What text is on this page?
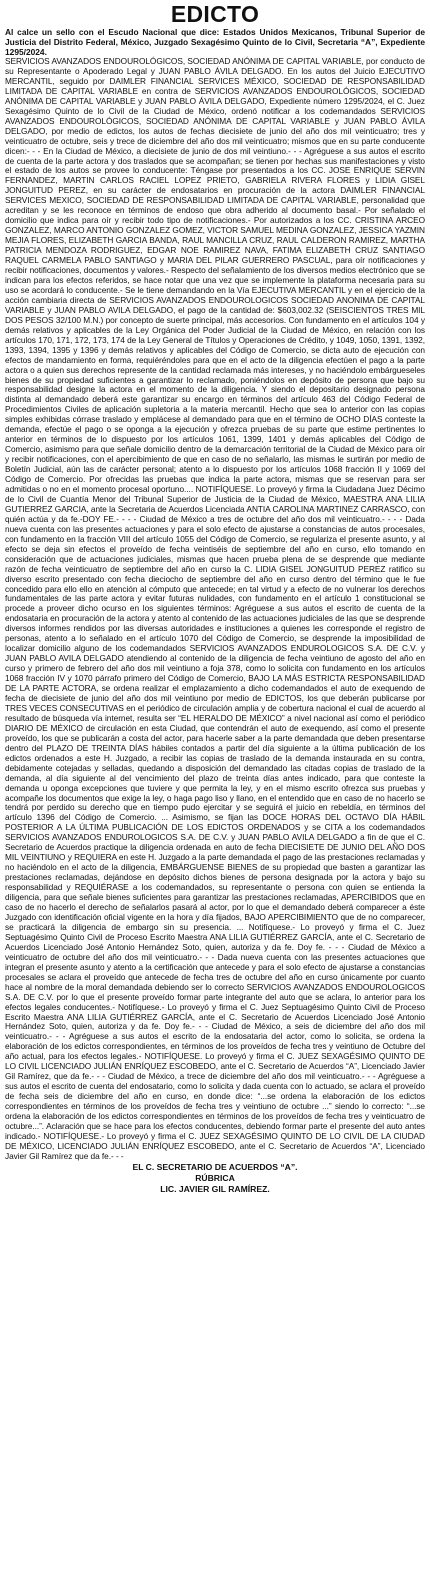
EDICTO

Al calce un sello con el Escudo Nacional que dice: Estados Unidos Mexicanos, Tribunal Superior de Justicia del Distrito Federal, México, Juzgado Sexagésimo Quinto de lo Civil, Secretaria “A”, Expediente 1295/2024.

SERVICIOS AVANZADOS ENDOUROLÓGICOS, SOCIEDAD ANÓNIMA DE CAPITAL VARIABLE, por conducto de su Representante o Apoderado Legal y JUAN PABLO ÁVILA DELGADO. En los autos del Juicio EJECUTIVO MERCANTIL, seguido por DAIMLER FINANCIAL SERVICES MÉXICO, SOCIEDAD DE RESPONSABILIDAD LIMITADA DE CAPITAL VARIABLE en contra de SERVICIOS AVANZADOS ENDOUROLÓGICOS, SOCIEDAD ANÓNIMA DE CAPITAL VARIABLE y JUAN PABLO ÁVILA DELGADO, Expediente número 1295/2024, el C. Juez Sexagésimo Quinto de lo Civil de la Ciudad de México, ordenó notificar a los codemandados SERVICIOS AVANZADOS ENDOUROLÓGICOS, SOCIEDAD ANÓNIMA DE CAPITAL VARIABLE y JUAN PABLO ÁVILA DELGADO, por medio de edictos, los autos de fechas diecisiete de junio del año dos mil veinticuatro; tres y veinticuatro de octubre, seis y trece de diciembre del año dos mil veinticuatro; mismos que en su parte conducente dicen:- - - En la Ciudad de México, a diecisiete de junio de dos mil veintiuno.- - - Agréguese a sus autos el escrito de cuenta de la parte actora y dos traslados que se acompañan; se tienen por hechas sus manifestaciones y visto el estado de los autos se provee lo conducente: Téngase por presentados a los CC. JOSE ENRIQUE SERVIN FERNANDEZ, MARTIN CARLOS RACIEL LOPEZ PRIETO, GABRIELA RIVERA FLORES y LIDIA GISEL JONGUITUD PEREZ, en su carácter de endosatarios en procuración de la actora DAIMLER FINANCIAL SERVICES MEXICO, SOCIEDAD DE RESPONSABILIDAD LIMITADA DE CAPITAL VARIABLE, personalidad que acreditan y se les reconoce en términos de endoso que obra adherido al documento basal.- Por señalado el domicilio que indica para oír y recibir todo tipo de notificaciones.- Por autorizados a los CC. CRISTINA ARCEO GONZALEZ, MARCO ANTONIO GONZALEZ GOMEZ, VICTOR SAMUEL MEDINA GONZALEZ, JESSICA YAZMIN MEJIA FLORES, ELIZABETH GARCIA BANDA, RAUL MANCILLA CRUZ, RAUL CALDERON RAMIREZ, MARTHA PATRICIA MENDOZA RODRIGUEZ, EDGAR NOE RAMIREZ NAVA, FATIMA ELIZABETH CRUZ SANTIAGO RAQUEL CARMELA PABLO SANTIAGO y MARIA DEL PILAR GUERRERO PASCUAL, para oír notificaciones y recibir notificaciones, documentos y valores.- Respecto del señalamiento de los diversos medios electrónico que se indican para los efectos referidos, se hace notar que una vez que se implemente la plataforma necesaria para su uso se acordará lo conducente.- Se le tiene demandando en la Vía EJECUTIVA MERCANTIL y en el ejercicio de la acción cambiaria directa de SERVICIOS AVANZADOS ENDOUROLOGICOS SOCIEDAD ANONIMA DE CAPITAL VARIABLE y JUAN PABLO AVILA DELGADO, el pago de la cantidad de: $603,002.32 (SEISCIENTOS TRES MIL DOS PESOS 32/100 M.N.) por concepto de suerte principal, más accesorios. Con fundamento en el artículos 104 y demás relativos y aplicables de la Ley Orgánica del Poder Judicial de la Ciudad de México, en relación con los artículos 170, 171, 172, 173, 174 de la Ley General de Títulos y Operaciones de Crédito, y 1049, 1050, 1391, 1392, 1393, 1394, 1395 y 1396 y demás relativos y aplicables del Código de Comercio, se dicta auto de ejecución con efectos de mandamiento en forma, requiéréndoles para que en el acto de la diligencia efectúen el pago a la parte actora o a quien sus derechos represente de la cantidad reclamada más intereses, y no haciéndolo embárgueseles bienes de su propiedad suficientes a garantizar lo reclamado, poniéndolos en depósito de persona que bajo su responsabilidad designe la actora en el momento de la diligencia. Y siendo el depositario designado persona distinta al demandado deberá este garantizar su encargo en términos del artículo 463 del Código Federal de Procedimientos Civiles de aplicación supletoria a la materia mercantil. Hecho que sea lo anterior con las copias simples exhibidas córrase traslado y emplácese al demandado para que en el término de OCHO DÍAS conteste la demanda, efectúe el pago o se oponga a la ejecución y ofrezca pruebas de su parte que estime pertinentes lo anterior en términos de lo dispuesto por los artículos 1061, 1399, 1401 y demás aplicables del Código de Comercio, asimismo para que señale domicilio dentro de la demarcación territorial de la Ciudad de México para oír y recibir notificaciones, con el apercibimiento de que en caso de no señalarlo, las mismas le surtirán por medio de Boletín Judicial, aún las de carácter personal; atento a lo dispuesto por los artículos 1068 fracción II y 1069 del Código de Comercio. Por ofrecidas las pruebas que indica la parte actora, mismas que se reservan para ser admitidas o no en el momento procesal oportuno.... NOTIFÍQUESE. Lo proveyó y firma la Ciudadana Juez Décimo de lo Civil de Cuantía Menor del Tribunal Superior de Justicia de la Ciudad de México, MAESTRA ANA LILIA GUTIERREZ GARCIA, ante la Secretaria de Acuerdos Licenciada ANTIA CAROLINA MARTINEZ CARRASCO, con quién actúa y da fe.-DOY FE.- - - - Ciudad de México a tres de octubre del año dos mil veinticuatro.- - - - Dada nueva cuenta con las presentes actuaciones y para el solo efecto de ajustarse a constancias de autos procesales, con fundamento en la fracción VIII del artículo 1055 del Código de Comercio, se regulariza el presente asunto, y al efecto se deja sin efectos el proveído de fecha veintiséis de septiembre del año en curso, ello tomando en consideración que de actuaciones judiciales, mismas que hacen prueba plena de se desprende que mediante razón de fecha veinticuatro de septiembre del año en curso la C. LIDIA GISEL JONGUITUD PEREZ ratifico su diverso escrito presentado con fecha dieciocho de septiembre del año en curso dentro del término que le fue concedido para ello ello en atención al cómputo que antecede; en tal virtud y a efecto de no vulnerar los derechos fundamentales de las parte actora y evitar futuras nulidades, con fundamento en el artículo 1 constitucional se procede a proveer dicho ocurso en los siguientes términos: Agréguese a sus autos el escrito de cuenta de la endosataria en procuración de la actora y atento al contenido de las actuaciones judiciales de las que se desprende diversos informes rendidos por las diversas autoridades e instituciones a quienes les corresponde el registro de personas, atento a lo señalado en el artículo 1070 del Código de Comercio, se desprende la imposibilidad de localizar domicilio alguno de los codemandados SERVICIOS AVANZADOS ENDUROLOGICOS S.A. DE C.V. y JUAN PABLO AVILA DELGADO atendiendo al contenido de la diligencia de fecha veintiuno de agosto del año en curso y primero de febrero del año dos mil veintiuno a foja 378, como lo solicita con fundamento en los artículos 1068 fracción IV y 1070 párrafo primero del Código de Comercio, BAJO LA MÁS ESTRICTA RESPONSABILIDAD DE LA PARTE ACTORA, se ordena realizar el emplazamiento a dicho codemandados el auto de exequendo de fecha de diecisiete de junio del año dos mil veintiuno por medio de EDICTOS, los que deberán publicarse por TRES VECES CONSECUTIVAS en el periódico de circulación amplia y de cobertura nacional el cual de acuerdo al resultado de búsqueda vía internet, resulta ser “EL HERALDO DE MÉXICO” a nivel nacional así como el periódico DIARIO DE MÉXICO de circulación en esta Ciudad, que contendrán el auto de exequendo, así como el presente proveído, los que se publicarán a costa del actor, para hacerle saber a la parte demandada que deben presentarse dentro del PLAZO DE TREINTA DÍAS hábiles contados a partir del día siguiente a la última publicación de los edictos ordenados a este H. Juzgado, a recibir las copias de traslado de la demanda instaurada en su contra, debidamente cotejadas y selladas, quedando a disposición del demandado las citadas copias de traslado de la demanda, al día siguiente al del vencimiento del plazo de treinta días antes indicado, para que conteste la demanda u oponga excepciones que tuviere y que permita la ley, y en el mismo escrito ofrezca sus pruebas y acompañe los documentos que exige la ley, o haga pago liso y llano, en el entendido que en caso de no hacerlo se tendrá por perdido su derecho que en tiempo pudo ejercitar y se seguirá el juicio en rebeldía, en términos del artículo 1396 del Código de Comercio. ... Asimismo, se fijan las DOCE HORAS DEL OCTAVO DÍA HÁBIL POSTERIOR A LA ÚLTIMA PUBLICACIÓN DE LOS EDICTOS ORDENADOS y se CITA a los codemandados SERVICIOS AVANZADOS ENDUROLOGICOS S.A. DE C.V. y JUAN PABLO AVILA DELGADO a fin de que el C. Secretario de Acuerdos practique la diligencia ordenada en auto de fecha DIECISIETE DE JUNIO DEL AÑO DOS MIL VEINTIUNO y REQUIERA en este H. Juzgado a la parte demandada el pago de las prestaciones reclamadas y no haciéndolo en el acto de la diligencia, EMBÁRGUENSE BIENES de su propiedad que basten a garantizar las prestaciones reclamadas, dejándose en depósito dichos bienes de persona designada por la actora y bajo su responsabilidad y REQUIÉRASE a los codemandados, su representante o persona con quien se entienda la diligencia, para que señale bienes suficientes para garantizar las prestaciones reclamadas, APERCIBIDOS que en caso de no hacerlo el derecho de señalarlos pasará al actor, por lo que el demandado deberá comparecer a éste Juzgado con identificación oficial vigente en la hora y día fijados, BAJO APERCIBIMIENTO que de no comparecer, se practicará la diligencia de embargo sin su presencia. ... Notifíquese.- Lo proveyó y firma el C. Juez Septuagésimo Quinto Civil de Proceso Escrito Maestra ANA LILIA GUTIÉRREZ GARCÍA, ante el C. Secretario de Acuerdos Licenciado José Antonio Hernández Soto, quien, autoriza y da fe. Doy fe. - - - Ciudad de México a veinticuatro de octubre del año dos mil veinticuatro.- - - Dada nueva cuenta con las presentes actuaciones que integran el presente asunto y atento a la certificación que antecede y para el solo efecto de ajustarse a constancias procesales se aclara el proveído que antecede de fecha tres de octubre del año en curso únicamente por cuanto hace al nombre de la moral demandada debiendo ser lo correcto SERVICIOS AVANZADOS ENDOUROLOGICOS S.A. DE C.V. por lo que el presente proveído formar parte integrante del auto que se aclara, lo anterior para los efectos legales conducentes.- Notifíquese.- Lo proveyó y firma el C. Juez Septuagésimo Quinto Civil de Proceso Escrito Maestra ANA LILIA GUTIÉRREZ GARCÍA, ante el C. Secretario de Acuerdos Licenciado José Antonio Hernández Soto, quien, autoriza y da fe. Doy fe.- - - Ciudad de México, a seis de diciembre del año dos mil veinticuatro.- - - Agréguese a sus autos el escrito de la endosataria del actor, como lo solicita, se ordena la elaboración de los edictos correspondientes, en términos de los proveídos de fecha tres y veintiuno de Octubre del año actual, para los efectos legales.- NOTIFÍQUESE. Lo proveyó y firma el C. JUEZ SEXAGÉSIMO QUINTO DE LO CIVIL LICENCIADO JULIÁN ENRÍQUEZ ESCOBEDO, ante el C. Secretario de Acuerdos “A”, Licenciado Javier Gil Ramírez, que da fe.- - - Ciudad de México, a trece de diciembre del año dos mil veinticuatro.- - - Agréguese a sus autos el escrito de cuenta del endosatario, como lo solicita y dada cuenta con lo actuado, se aclara el proveído de fecha seis de diciembre del año en curso, en donde dice: “...se ordena la elaboración de los edictos correspondientes en términos de los proveídos de fecha tres y veintiuno de octubre ...” siendo lo correcto: “...se ordena la elaboración de los edictos correspondientes en términos de los proveídos de fecha tres y veinticuatro de octubre...”. Aclaración que se hace para los efectos conducentes, debiendo formar parte el presente del auto antes indicado.- NOTIFÍQUESE.- Lo proveyó y firma el C. JUEZ SEXAGÉSIMO QUINTO DE LO CIVIL DE LA CIUDAD DE MÉXICO, LICENCIADO JULIÁN ENRÍQUEZ ESCOBEDO, ante el C. Secretario de Acuerdos “A”, Licenciado Javier Gil Ramírez que da fe.- - -

EL C. SECRETARIO DE ACUERDOS “A”.

RÚBRICA

LIC. JAVIER GIL RAMÍREZ.
